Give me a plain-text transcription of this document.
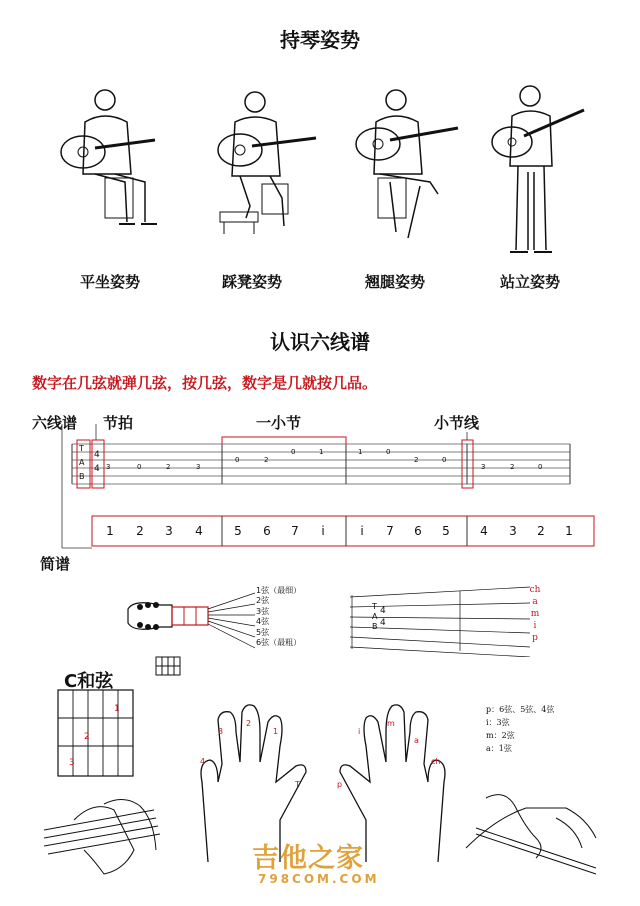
持琴姿势
平坐姿势	踩凳姿势	翘腿姿势	站立姿势
认识六线谱
数字在几弦就弹几弦，按几弦，数字是几就按几品。
六线谱 节拍	一小节	小节线
T
A
B
4
4 3	0	2	3
0	2
0	1	1	0
2	0
3	2	0
1	2	3	4	5	6	7	i	i	7	6	5	4	3	2	1
简谱
1弦（最细）
2弦
3弦
4弦
5弦
6弦（最粗）
T
A
B
4
4
ch
a
m
i
p
C和弦
1
2
3	4
3
2
1
T	p
i
m
a
ch
p：6弦、5弦、4弦
i：3弦
m：2弦
a：1弦
吉他之家
798COM.COM
